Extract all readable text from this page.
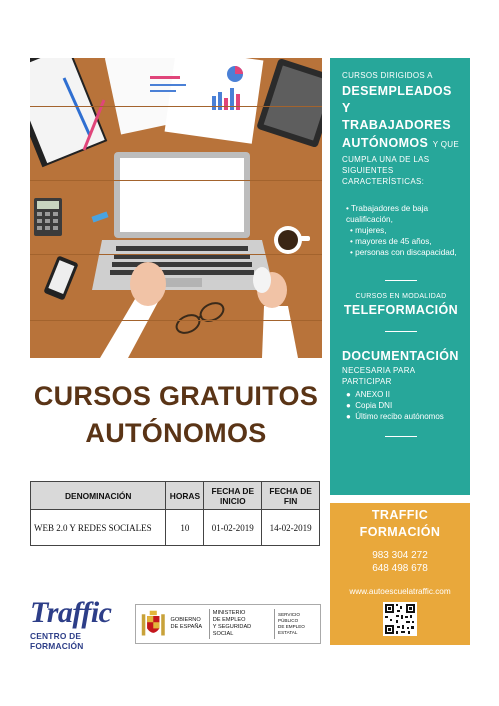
CURSOS GRATUITOS
AUTÓNOMOS
DENOMINACIÓN	HORAS	FECHA DE INICIO	FECHA DE FIN
WEB 2.0 Y REDES SOCIALES	10	01-02-2019	14-02-2019
CURSOS DIRIGIDOS A
DESEMPLEADOS
Y TRABAJADORES
AUTÓNOMOS Y QUE
CUMPLA UNA DE LAS
SIGUIENTES
CARACTERÍSTICAS:
• Trabajadores de baja cualificación,
• mujeres,
• mayores de 45 años,
• personas con discapacidad,
CURSOS EN MODALIDAD
TELEFORMACIÓN
DOCUMENTACIÓN
NECESARIA PARA PARTICIPAR
●  ANEXO II
●  Copia DNI
●  Último recibo autónomos
TRAFFIC
FORMACIÓN
983 304 272
648 498 678
www.autoescuelatraffic.com
Traffic
CENTRO DE FORMACIÓN
GOBIERNO
DE ESPAÑA
MINISTERIO
DE EMPLEO
Y SEGURIDAD SOCIAL
SERVICIO PÚBLICO
DE EMPLEO ESTATAL
